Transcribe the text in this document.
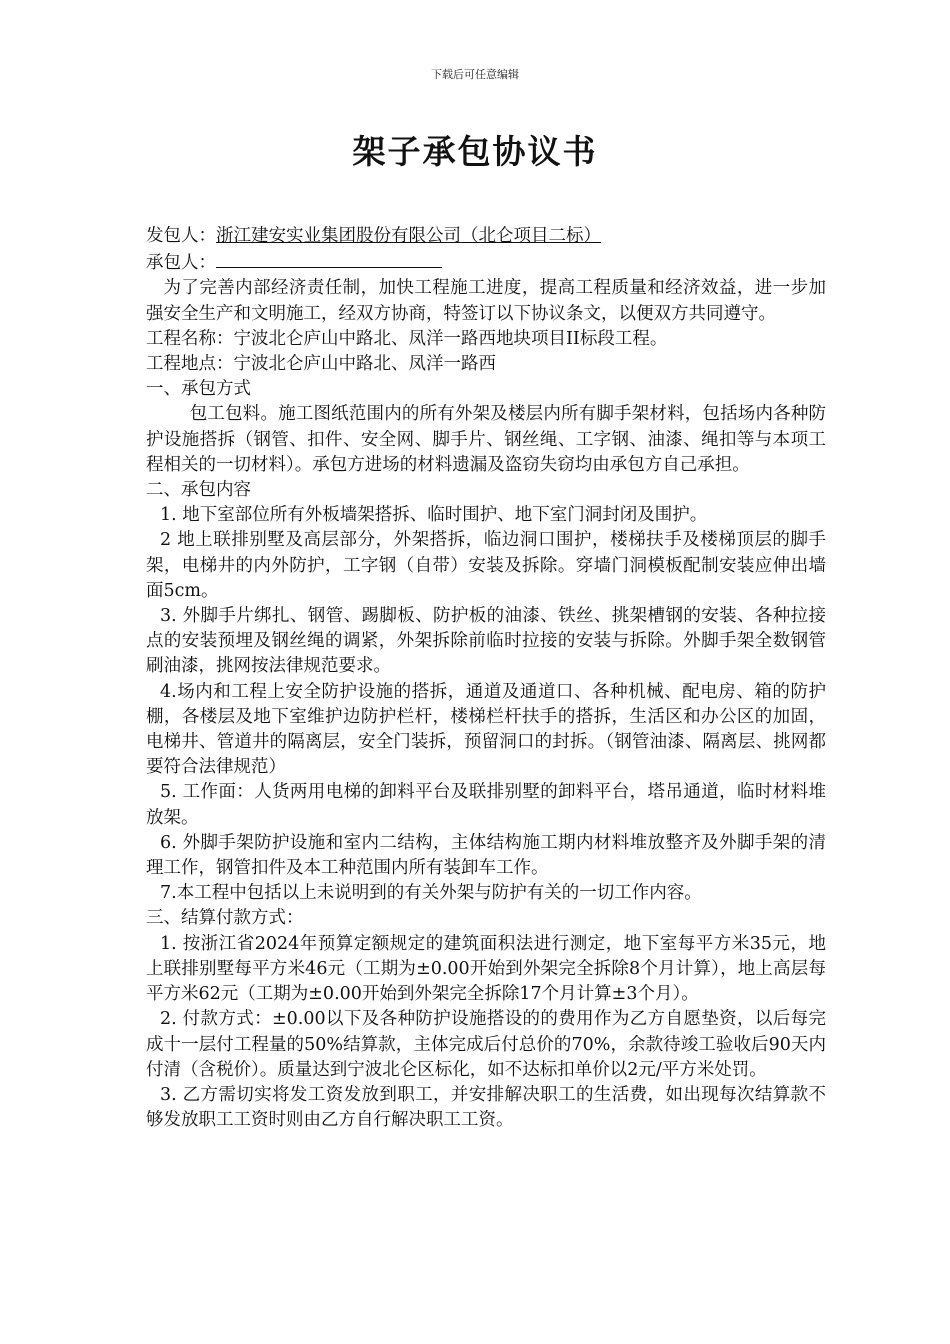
下载后可任意编辑
架子承包协议书
发包人：浙江建安实业集团股份有限公司（北仑项目二标）
承包人：
为了完善内部经济责任制，加快工程施工进度，提高工程质量和经济效益，进一步加强安全生产和文明施工，经双方协商，特签订以下协议条文，以便双方共同遵守。
工程名称：宁波北仑庐山中路北、凤洋一路西地块项目II标段工程。
工程地点：宁波北仑庐山中路北、凤洋一路西
一、承包方式
包工包料。施工图纸范围内的所有外架及楼层内所有脚手架材料，包括场内各种防护设施搭拆（钢管、扣件、安全网、脚手片、钢丝绳、工字钢、油漆、绳扣等与本项工程相关的一切材料）。承包方进场的材料遗漏及盗窃失窃均由承包方自己承担。
二、承包内容
1. 地下室部位所有外板墙架搭拆、临时围护、地下室门洞封闭及围护。
2 地上联排别墅及高层部分，外架搭拆，临边洞口围护，楼梯扶手及楼梯顶层的脚手架，电梯井的内外防护，工字钢（自带）安装及拆除。穿墙门洞模板配制安装应伸出墙面5cm。
3. 外脚手片绑扎、钢管、踢脚板、防护板的油漆、铁丝、挑架槽钢的安装、各种拉接点的安装预埋及钢丝绳的调紧，外架拆除前临时拉接的安装与拆除。外脚手架全数钢管刷油漆，挑网按法律规范要求。
4.场内和工程上安全防护设施的搭拆，通道及通道口、各种机械、配电房、箱的防护棚，各楼层及地下室维护边防护栏杆，楼梯栏杆扶手的搭拆，生活区和办公区的加固，电梯井、管道井的隔离层，安全门装拆，预留洞口的封拆。（钢管油漆、隔离层、挑网都要符合法律规范）
5. 工作面：人货两用电梯的卸料平台及联排别墅的卸料平台，塔吊通道，临时材料堆放架。
6. 外脚手架防护设施和室内二结构，主体结构施工期内材料堆放整齐及外脚手架的清理工作，钢管扣件及本工种范围内所有装卸车工作。
7.本工程中包括以上未说明到的有关外架与防护有关的一切工作内容。
三、结算付款方式：
1. 按浙江省2024年预算定额规定的建筑面积法进行测定，地下室每平方米35元，地上联排别墅每平方米46元（工期为±0.00开始到外架完全拆除8个月计算），地上高层每平方米62元（工期为±0.00开始到外架完全拆除17个月计算±3个月）。
2. 付款方式：±0.00以下及各种防护设施搭设的的费用作为乙方自愿垫资，以后每完成十一层付工程量的50%结算款，主体完成后付总价的70%，余款待竣工验收后90天内付清（含税价）。质量达到宁波北仑区标化，如不达标扣单价以2元/平方米处罚。
3. 乙方需切实将发工资发放到职工，并安排解决职工的生活费，如出现每次结算款不够发放职工工资时则由乙方自行解决职工工资。
